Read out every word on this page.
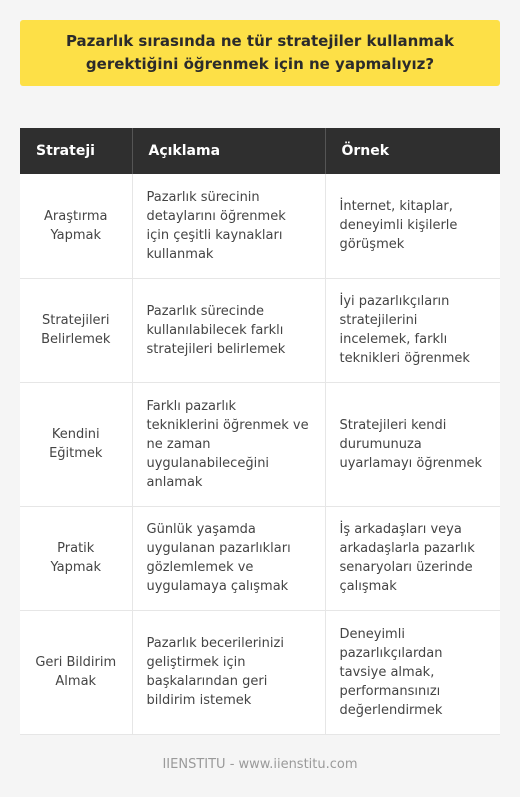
Pazarlık sırasında ne tür stratejiler kullanmak gerektiğini öğrenmek için ne yapmalıyız?
Strateji	Açıklama	Örnek
Araştırma Yapmak	Pazarlık sürecinin detaylarını öğrenmek için çeşitli kaynakları kullanmak	İnternet, kitaplar, deneyimli kişilerle görüşmek
Stratejileri Belirlemek	Pazarlık sürecinde kullanılabilecek farklı stratejileri belirlemek	İyi pazarlıkçıların stratejilerini incelemek, farklı teknikleri öğrenmek
Kendini Eğitmek	Farklı pazarlık tekniklerini öğrenmek ve ne zaman uygulanabileceğini anlamak	Stratejileri kendi durumunuza uyarlamayı öğrenmek
Pratik Yapmak	Günlük yaşamda uygulanan pazarlıkları gözlemlemek ve uygulamaya çalışmak	İş arkadaşları veya arkadaşlarla pazarlık senaryoları üzerinde çalışmak
Geri Bildirim Almak	Pazarlık becerilerinizi geliştirmek için başkalarından geri bildirim istemek	Deneyimli pazarlıkçılardan tavsiye almak, performansınızı değerlendirmek
IIENSTITU - www.iienstitu.com
